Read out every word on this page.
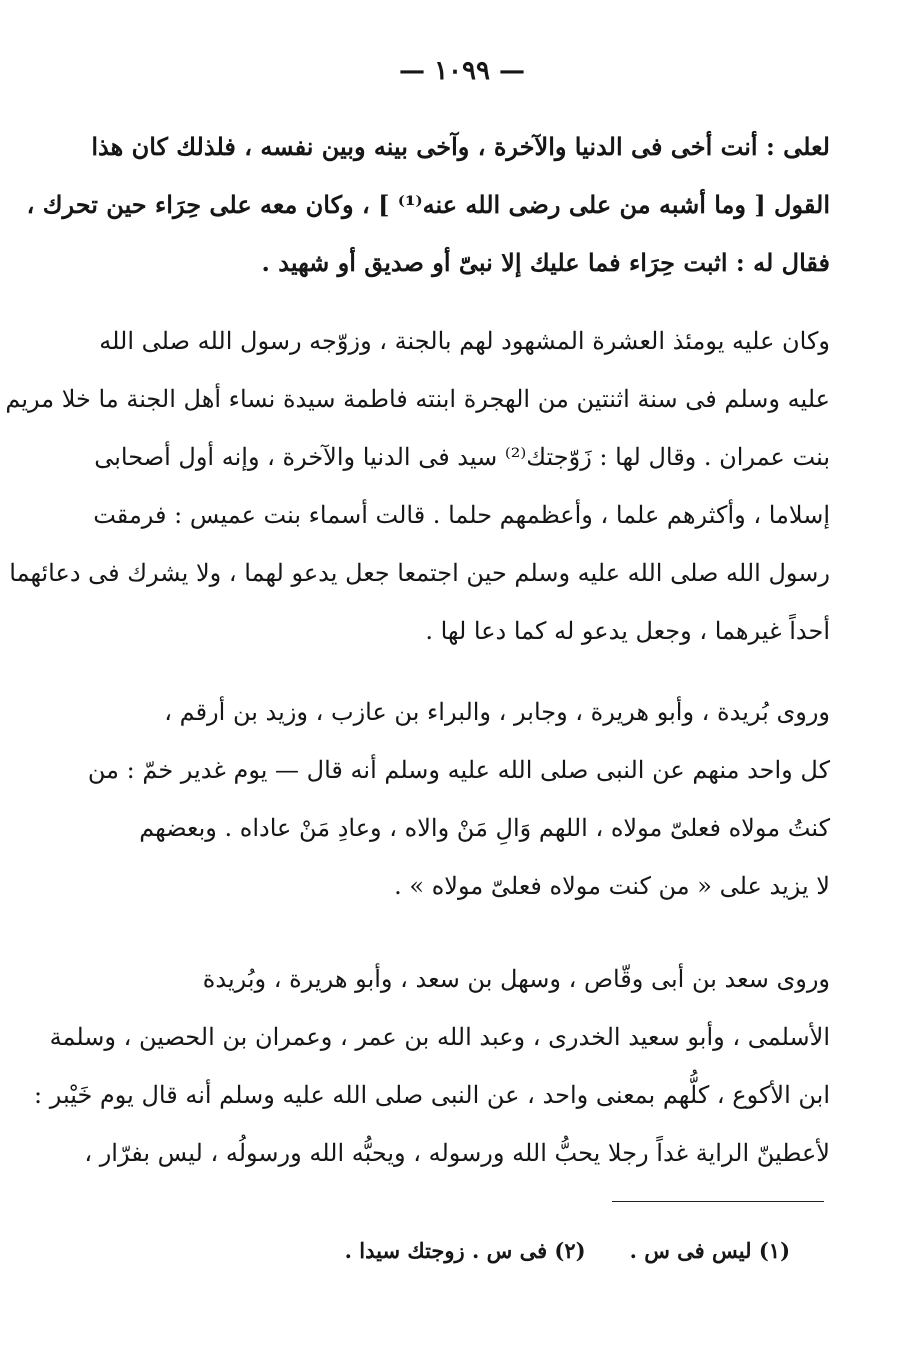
— ١٠٩٩ —
لعلى : أنت أخى فى الدنيا والآخرة ، وآخى بينه وبين نفسه ، فلذلك كان هذا
القول [ وما أشبه من على رضى الله عنه⁽¹⁾ ] ، وكان معه على حِرَاء حين تحرك ،
فقال له : اثبت حِرَاء فما عليك إلا نبىّ أو صديق أو شهيد .
وكان عليه يومئذ العشرة المشهود لهم بالجنة ، وزوّجه رسول الله صلى الله
عليه وسلم فى سنة اثنتين من الهجرة ابنته فاطمة سيدة نساء أهل الجنة ما خلا مريم
بنت عمران . وقال لها : زَوّجتك⁽²⁾ سيد فى الدنيا والآخرة ، وإنه أول أصحابى
إسلاما ، وأكثرهم علما ، وأعظمهم حلما . قالت أسماء بنت عميس : فرمقت
رسول الله صلى الله عليه وسلم حين اجتمعا جعل يدعو لهما ، ولا يشرك فى دعائهما
أحداً غيرهما ، وجعل يدعو له كما دعا لها .
وروى بُريدة ، وأبو هريرة ، وجابر ، والبراء بن عازب ، وزيد بن أرقم ،
كل واحد منهم عن النبى صلى الله عليه وسلم أنه قال — يوم غدير خمّ : من
كنتُ مولاه فعلىّ مولاه ، اللهم وَالِ مَنْ والاه ، وعادِ مَنْ عاداه . وبعضهم
لا يزيد على « من كنت مولاه فعلىّ مولاه » .
وروى سعد بن أبى وقّاص ، وسهل بن سعد ، وأبو هريرة ، وبُريدة
الأسلمى ، وأبو سعيد الخدرى ، وعبد الله بن عمر ، وعمران بن الحصين ، وسلمة
ابن الأكوع ، كلُّهم بمعنى واحد ، عن النبى صلى الله عليه وسلم أنه قال يوم خَيْبر :
لأعطينّ الراية غداً رجلا يحبُّ الله ورسوله ، ويحبُّه الله ورسولُه ، ليس بفرّار ،
(١) ليس فى س .(٢) فى س . زوجتك سيدا .
